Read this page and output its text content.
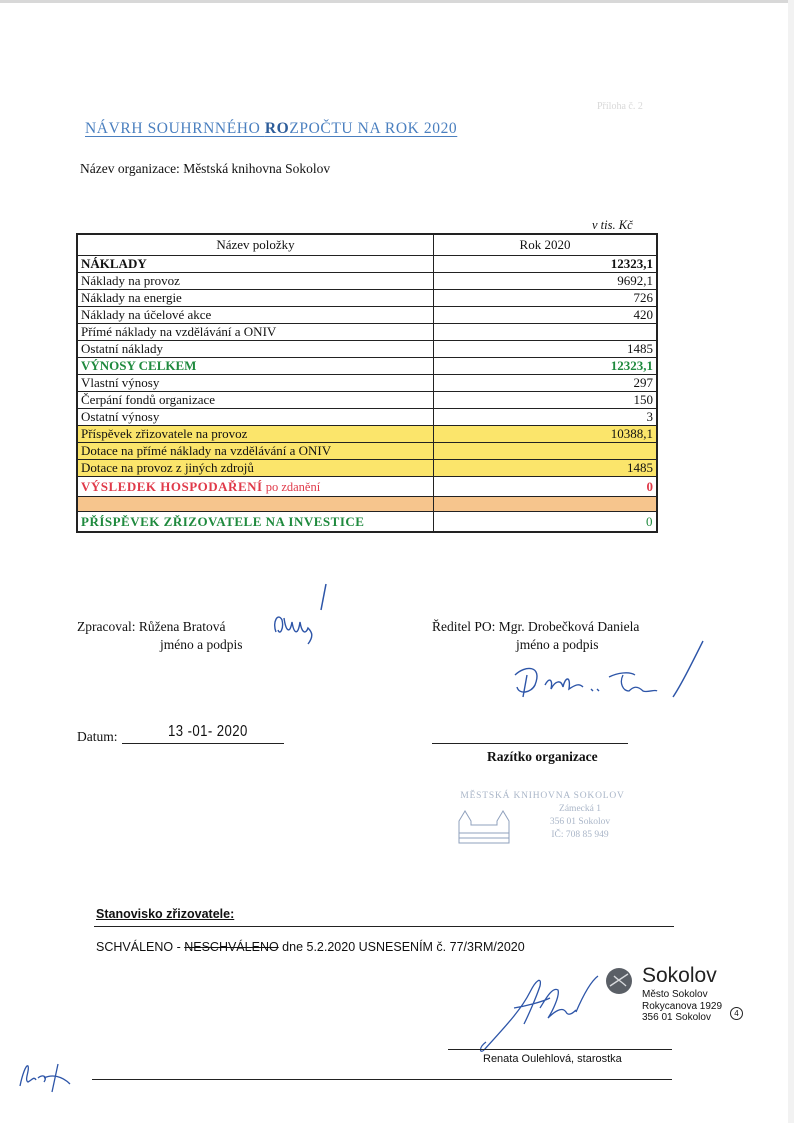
Příloha č. 2
NÁVRH SOUHRNNÉHO ROZPOČTU NA ROK 2020
Název organizace: Městská knihovna Sokolov
v tis. Kč
Název položky	Rok 2020
NÁKLADY	12323,1
Náklady na provoz	9692,1
Náklady na energie	726
Náklady na účelové akce	420
Přímé náklady na vzdělávání a ONIV	
Ostatní náklady	1485
VÝNOSY CELKEM	12323,1
Vlastní výnosy	297
Čerpání fondů organizace	150
Ostatní výnosy	3
Příspěvek zřizovatele na provoz	10388,1
Dotace na přímé náklady na vzdělávání a ONIV	
Dotace na provoz z jiných zdrojů	1485
VÝSLEDEK HOSPODAŘENÍ po zdanění	0

PŘÍSPĚVEK ZŘIZOVATELE NA INVESTICE	0
Zpracoval: Růžena Bratová
jméno a podpis
Ředitel PO: Mgr. Drobečková Daniela
jméno a podpis
Datum:	13 -01- 2020
Razítko organizace
MĚSTSKÁ KNIHOVNA SOKOLOV
Zámecká 1
356 01 Sokolov
IČ: 708 85 949
Stanovisko zřizovatele:
SCHVÁLENO - NESCHVÁLENO dne 5.2.2020 USNESENÍM č. 77/3RM/2020
Sokolov
Město Sokolov
Rokycanova 1929
356 01 Sokolov	4
Renata Oulehlová, starostka
